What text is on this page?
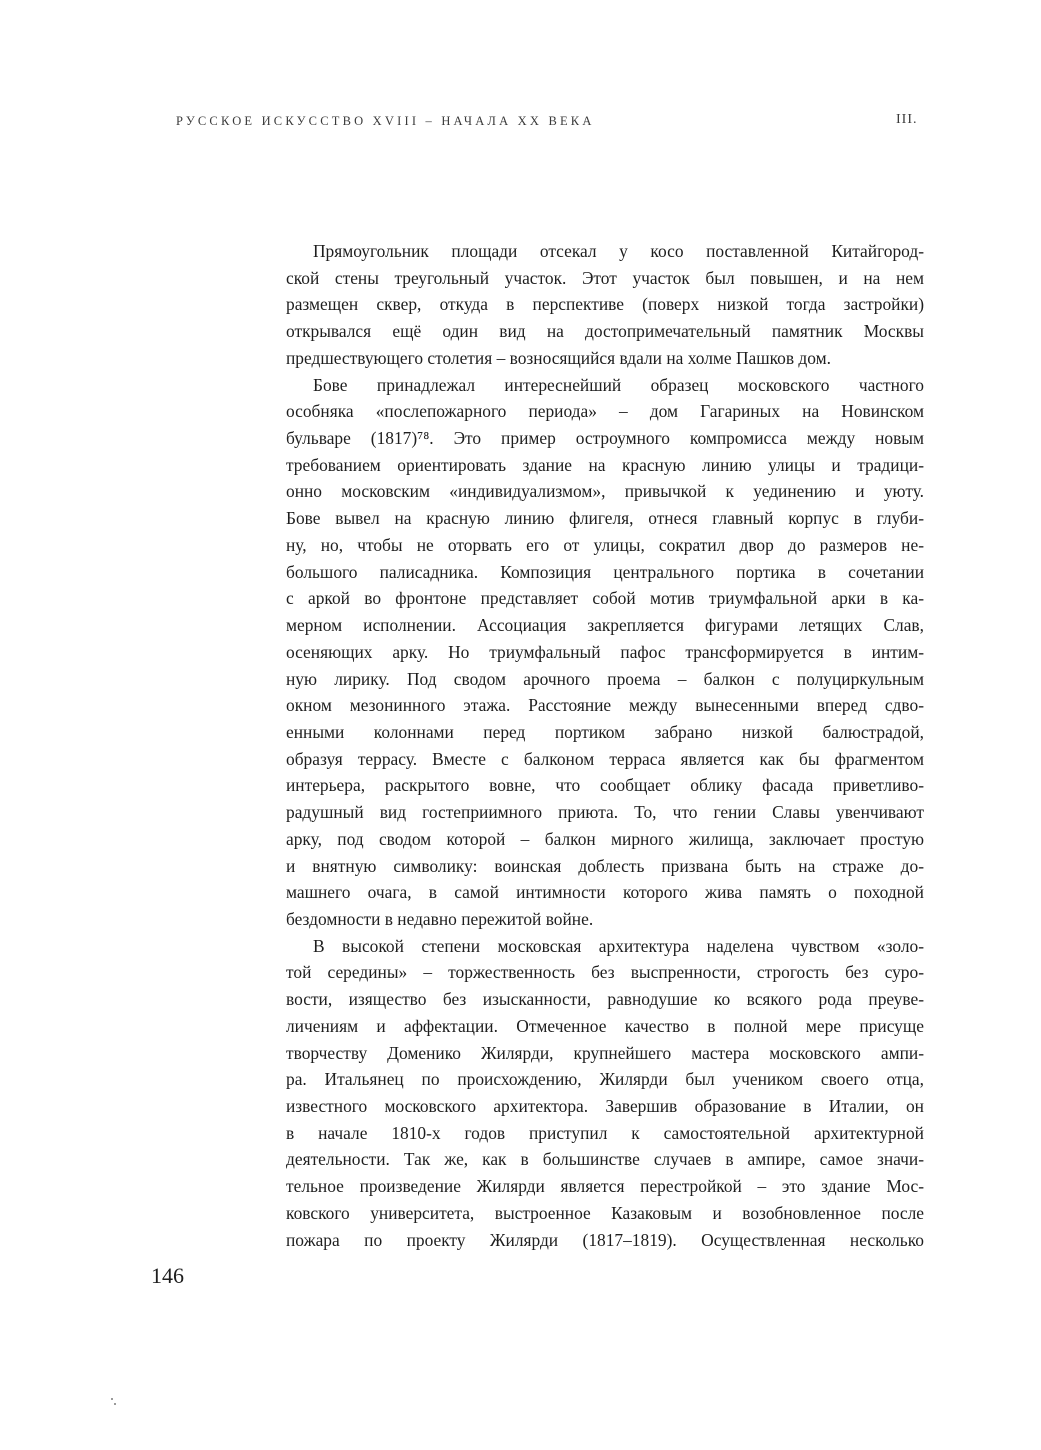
РУССКОЕ ИСКУССТВО XVIII – НАЧАЛА XX ВЕКА	III.
Прямоугольник площади отсекал у косо поставленной Китайгород-
ской стены треугольный участок. Этот участок был повышен, и на нем
размещен сквер, откуда в перспективе (поверх низкой тогда застройки)
открывался ещё один вид на достопримечательный памятник Москвы
предшествующего столетия – возносящийся вдали на холме Пашков дом.
Бове принадлежал интереснейший образец московского частного
особняка «послепожарного периода» – дом Гагариных на Новинском
бульваре (1817)⁷⁸. Это пример остроумного компромисса между новым
требованием ориентировать здание на красную линию улицы и традици-
онно московским «индивидуализмом», привычкой к уединению и уюту.
Бове вывел на красную линию флигеля, отнеся главный корпус в глуби-
ну, но, чтобы не оторвать его от улицы, сократил двор до размеров не-
большого палисадника. Композиция центрального портика в сочетании
с аркой во фронтоне представляет собой мотив триумфальной арки в ка-
мерном исполнении. Ассоциация закрепляется фигурами летящих Слав,
осеняющих арку. Но триумфальный пафос трансформируется в интим-
ную лирику. Под сводом арочного проема – балкон с полуциркульным
окном мезонинного этажа. Расстояние между вынесенными вперед сдво-
енными колоннами перед портиком забрано низкой балюстрадой,
образуя террасу. Вместе с балконом терраса является как бы фрагментом
интерьера, раскрытого вовне, что сообщает облику фасада приветливо-
радушный вид гостеприимного приюта. То, что гении Славы увенчивают
арку, под сводом которой – балкон мирного жилища, заключает простую
и внятную символику: воинская доблесть призвана быть на страже до-
машнего очага, в самой интимности которого жива память о походной
бездомности в недавно пережитой войне.
В высокой степени московская архитектура наделена чувством «золо-
той середины» – торжественность без выспренности, строгость без суро-
вости, изящество без изысканности, равнодушие ко всякого рода преуве-
личениям и аффектации. Отмеченное качество в полной мере присуще
творчеству Доменико Жилярди, крупнейшего мастера московского ампи-
ра. Итальянец по происхождению, Жилярди был учеником своего отца,
известного московского архитектора. Завершив образование в Италии, он
в начале 1810-х годов приступил к самостоятельной архитектурной
деятельности. Так же, как в большинстве случаев в ампире, самое значи-
тельное произведение Жилярди является перестройкой – это здание Мос-
ковского университета, выстроенное Казаковым и возобновленное после
пожара по проекту Жилярди (1817–1819). Осуществленная несколько
146
